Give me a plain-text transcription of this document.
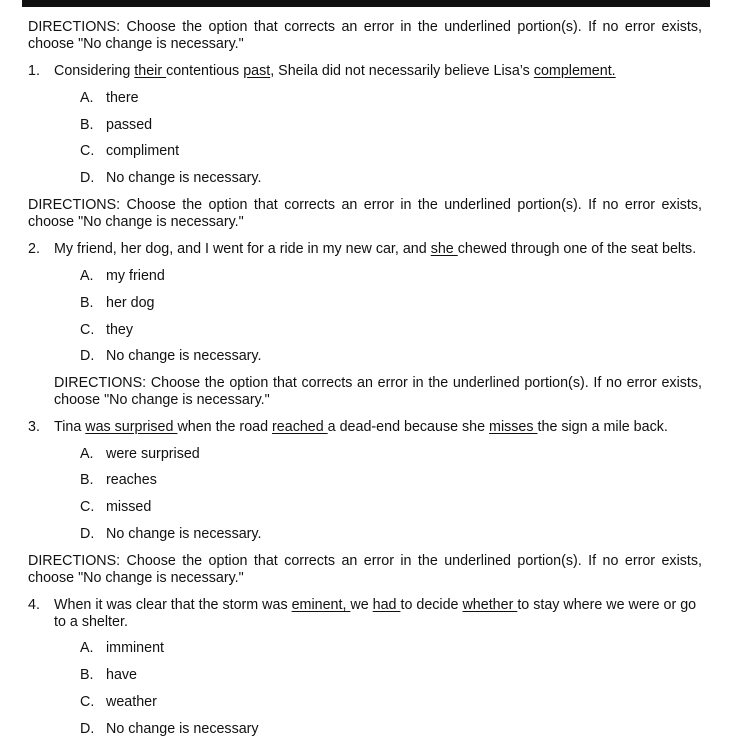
DIRECTIONS: Choose the option that corrects an error in the underlined portion(s). If no error exists, choose "No change is necessary."
1. Considering their contentious past, Sheila did not necessarily believe Lisa’s complement.
A. there
B. passed
C. compliment
D. No change is necessary.
DIRECTIONS: Choose the option that corrects an error in the underlined portion(s). If no error exists, choose "No change is necessary."
2. My friend, her dog, and I went for a ride in my new car, and she chewed through one of the seat belts.
A. my friend
B. her dog
C. they
D. No change is necessary.
DIRECTIONS: Choose the option that corrects an error in the underlined portion(s). If no error exists, choose "No change is necessary."
3. Tina was surprised when the road reached a dead-end because she misses the sign a mile back.
A. were surprised
B. reaches
C. missed
D. No change is necessary.
DIRECTIONS: Choose the option that corrects an error in the underlined portion(s). If no error exists, choose "No change is necessary."
4. When it was clear that the storm was eminent, we had to decide whether to stay where we were or go to a shelter.
A. imminent
B. have
C. weather
D. No change is necessary
